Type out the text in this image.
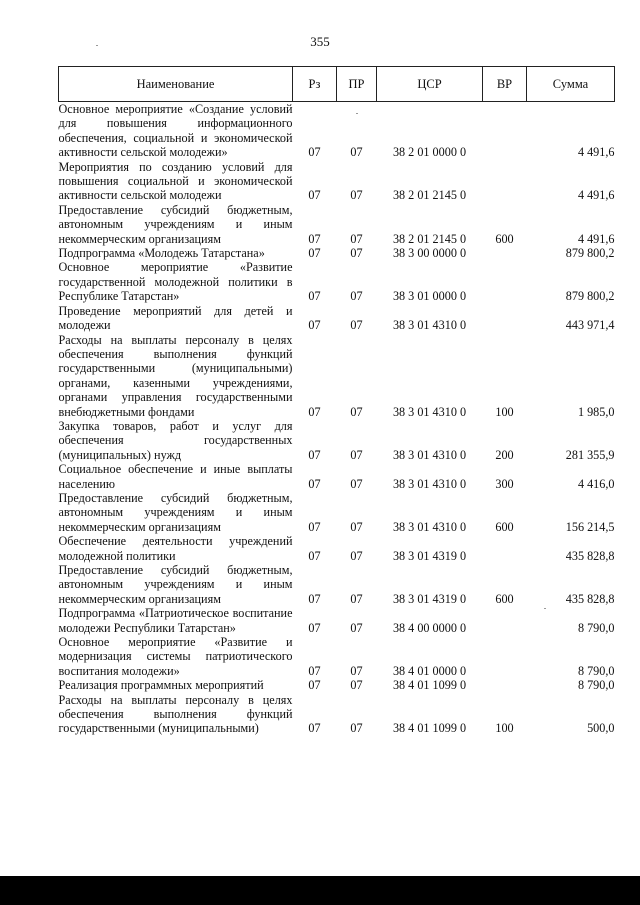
355
Наименование	Рз	ПР	ЦСР	ВР	Сумма
Основное мероприятие «Создание условий для повышения информационного обеспечения, социальной и экономической активности сельской молодежи»	07	07	38 2 01 0000 0		4 491,6
Мероприятия по созданию условий для повышения социальной и экономической активности сельской молодежи	07	07	38 2 01 2145 0		4 491,6
Предоставление субсидий бюджетным, автономным учреждениям и иным некоммерческим организациям	07	07	38 2 01 2145 0	600	4 491,6
Подпрограмма «Молодежь Татарстана»	07	07	38 3 00 0000 0		879 800,2
Основное мероприятие «Развитие государственной молодежной политики в Республике Татарстан»	07	07	38 3 01 0000 0		879 800,2
Проведение мероприятий для детей и молодежи	07	07	38 3 01 4310 0		443 971,4
Расходы на выплаты персоналу в целях обеспечения выполнения функций государственными (муниципальными) органами, казенными учреждениями, органами управления государственными внебюджетными фондами	07	07	38 3 01 4310 0	100	1 985,0
Закупка товаров, работ и услуг для обеспечения государственных (муниципальных) нужд	07	07	38 3 01 4310 0	200	281 355,9
Социальное обеспечение и иные выплаты населению	07	07	38 3 01 4310 0	300	4 416,0
Предоставление субсидий бюджетным, автономным учреждениям и иным некоммерческим организациям	07	07	38 3 01 4310 0	600	156 214,5
Обеспечение деятельности учреждений молодежной политики	07	07	38 3 01 4319 0		435 828,8
Предоставление субсидий бюджетным, автономным учреждениям и иным некоммерческим организациям	07	07	38 3 01 4319 0	600	435 828,8
Подпрограмма «Патриотическое воспитание молодежи Республики Татарстан»	07	07	38 4 00 0000 0		8 790,0
Основное мероприятие «Развитие и модернизация системы патриотического воспитания молодежи»	07	07	38 4 01 0000 0		8 790,0
Реализация программных мероприятий	07	07	38 4 01 1099 0		8 790,0
Расходы на выплаты персоналу в целях обеспечения выполнения функций государственными (муниципальными)	07	07	38 4 01 1099 0	100	500,0
